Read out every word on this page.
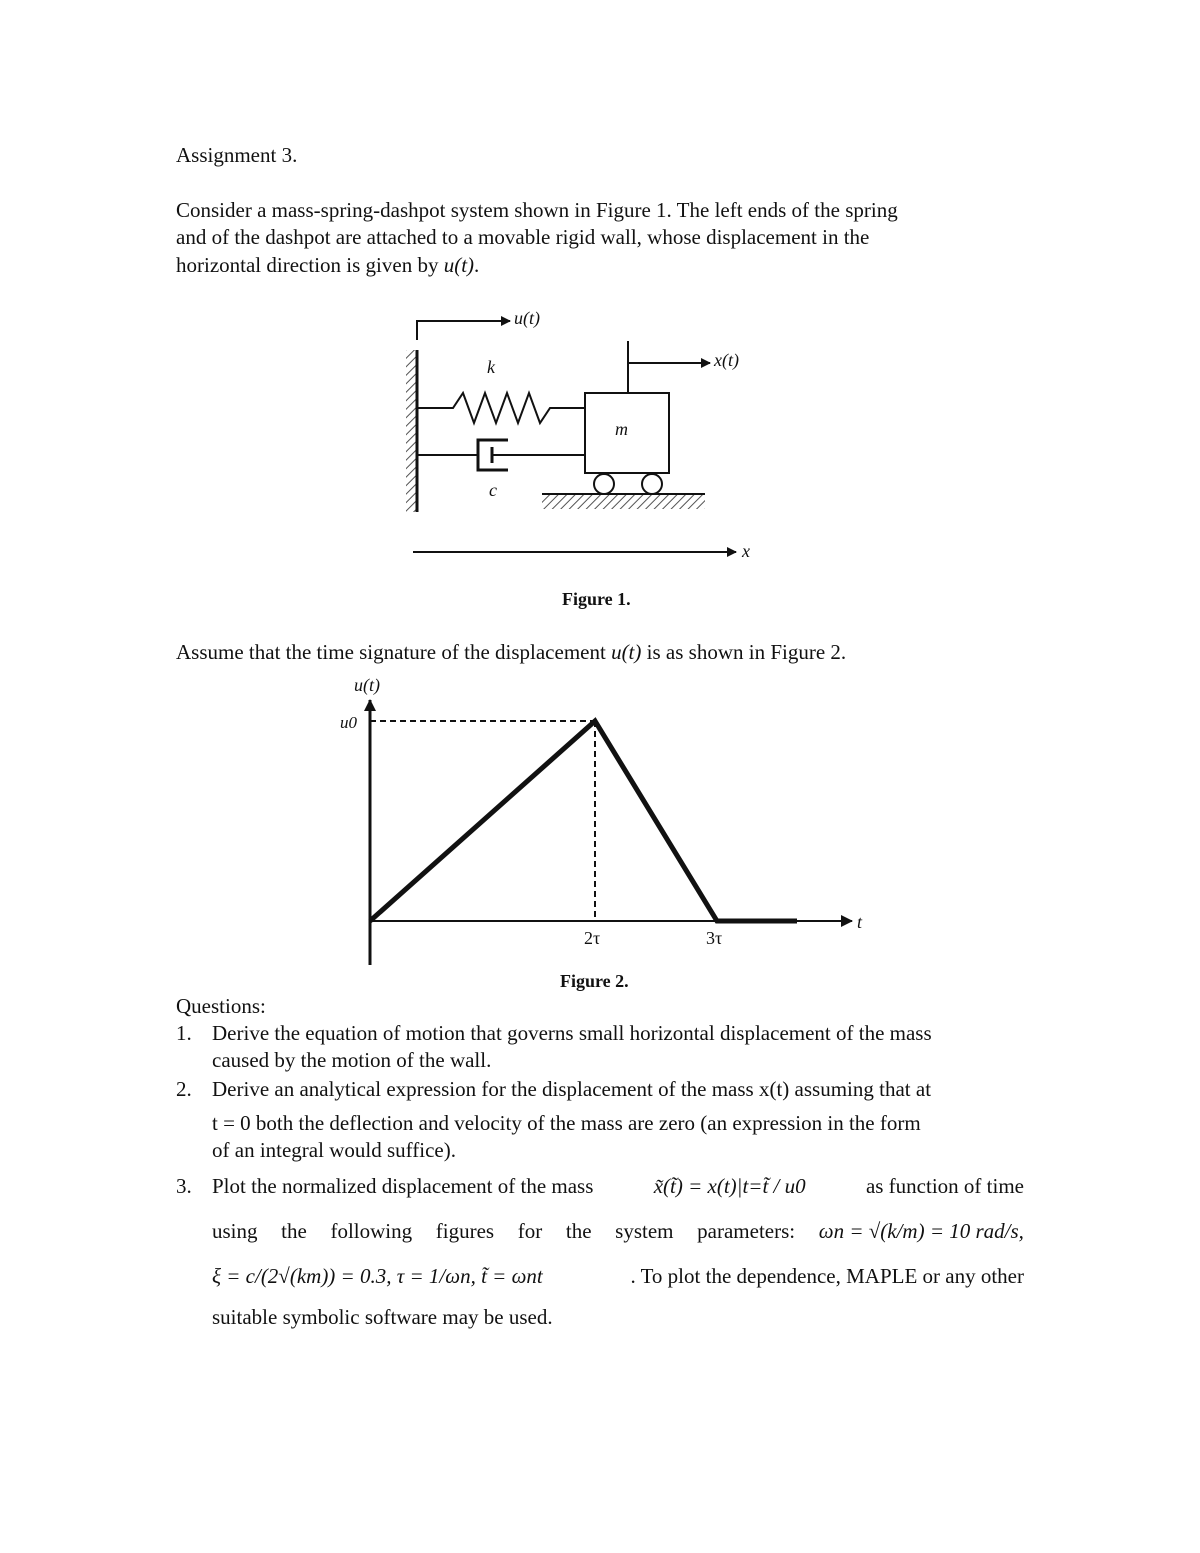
Assignment 3.
Consider a mass-spring-dashpot system shown in Figure 1. The left ends of the spring
and of the dashpot are attached to a movable rigid wall, whose displacement in the
horizontal direction is given by u(t).
u(t)
x(t)
k
m
c
x
Figure 1.
Assume that the time signature of the displacement u(t) is as shown in Figure 2.
u(t)
u0
t
2τ	3τ
Figure 2.
Questions:
1. Derive the equation of motion that governs small horizontal displacement of the mass
caused by the motion of the wall.
2. Derive an analytical expression for the displacement of the mass x(t) assuming that at
t = 0 both the deflection and velocity of the mass are zero (an expression in the form
of an integral would suffice).
3. Plot the normalized displacement of the mass	x̃(t̃) = x(t)|t=t̃ / u0	as function of time
using the following figures for the system parameters: ωn = √(k/m) = 10 rad/s,
ξ = c/(2√(km)) = 0.3, τ = 1/ωn, t̃ = ωnt	. To plot the dependence, MAPLE or any other
suitable symbolic software may be used.
